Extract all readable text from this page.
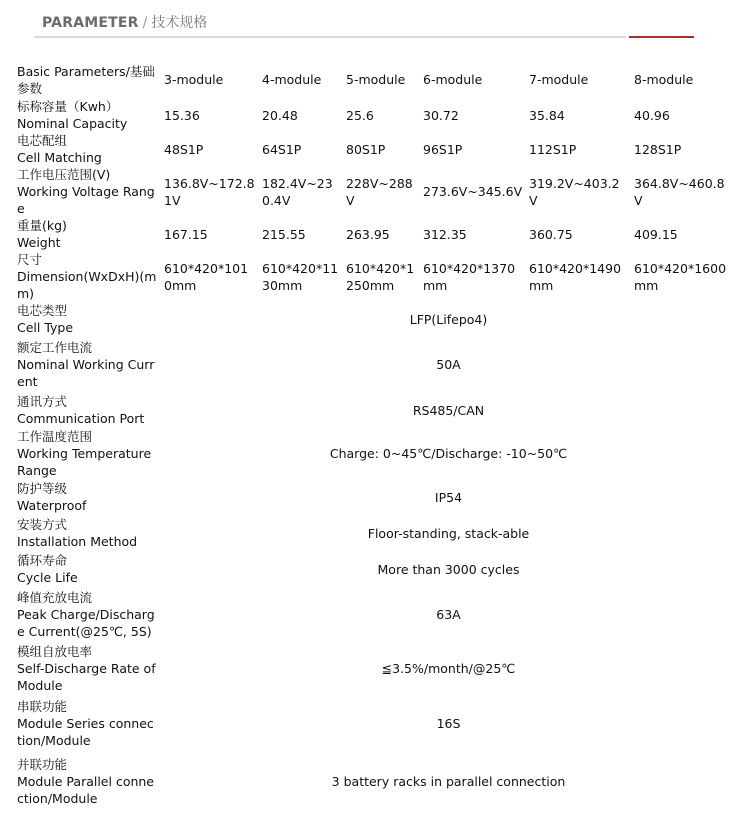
PARAMETER / 技术规格
Basic Parameters/基础参数	3-module	4-module	5-module	6-module	7-module	8-module

标称容量（Kwh）
Nominal Capacity	15.36	20.48	25.6	30.72	35.84	40.96

电芯配组
Cell Matching	48S1P	64S1P	80S1P	96S1P	112S1P	128S1P

工作电压范围(V)
Working Voltage Range	136.8V~172.81V	182.4V~230.4V	228V~288V	273.6V~345.6V	319.2V~403.2V	364.8V~460.8V

重量(kg)
Weight	167.15	215.55	263.95	312.35	360.75	409.15

尺寸
Dimension(WxDxH)(mm)	610*420*1010mm	610*420*1130mm	610*420*1250mm	610*420*1370mm	610*420*1490mm	610*420*1600mm

电芯类型
Cell Type	LFP(Lifepo4)					

额定工作电流
Nominal Working Current	50A					

通讯方式
Communication Port	RS485/CAN					

工作温度范围
Working Temperature Range	Charge: 0~45℃/Discharge: -10~50℃					

防护等级
Waterproof	IP54					

安装方式
Installation Method	Floor-standing, stack-able					

循环寿命
Cycle Life	More than 3000 cycles					

峰值充放电流
Peak Charge/Discharge Current(@25℃, 5S)	63A					

模组自放电率
Self-Discharge Rate of Module	≦3.5%/month/@25℃					

串联功能
Module Series connection/Module	16S					

并联功能
Module Parallel connection/Module	3 battery racks in parallel connection					
